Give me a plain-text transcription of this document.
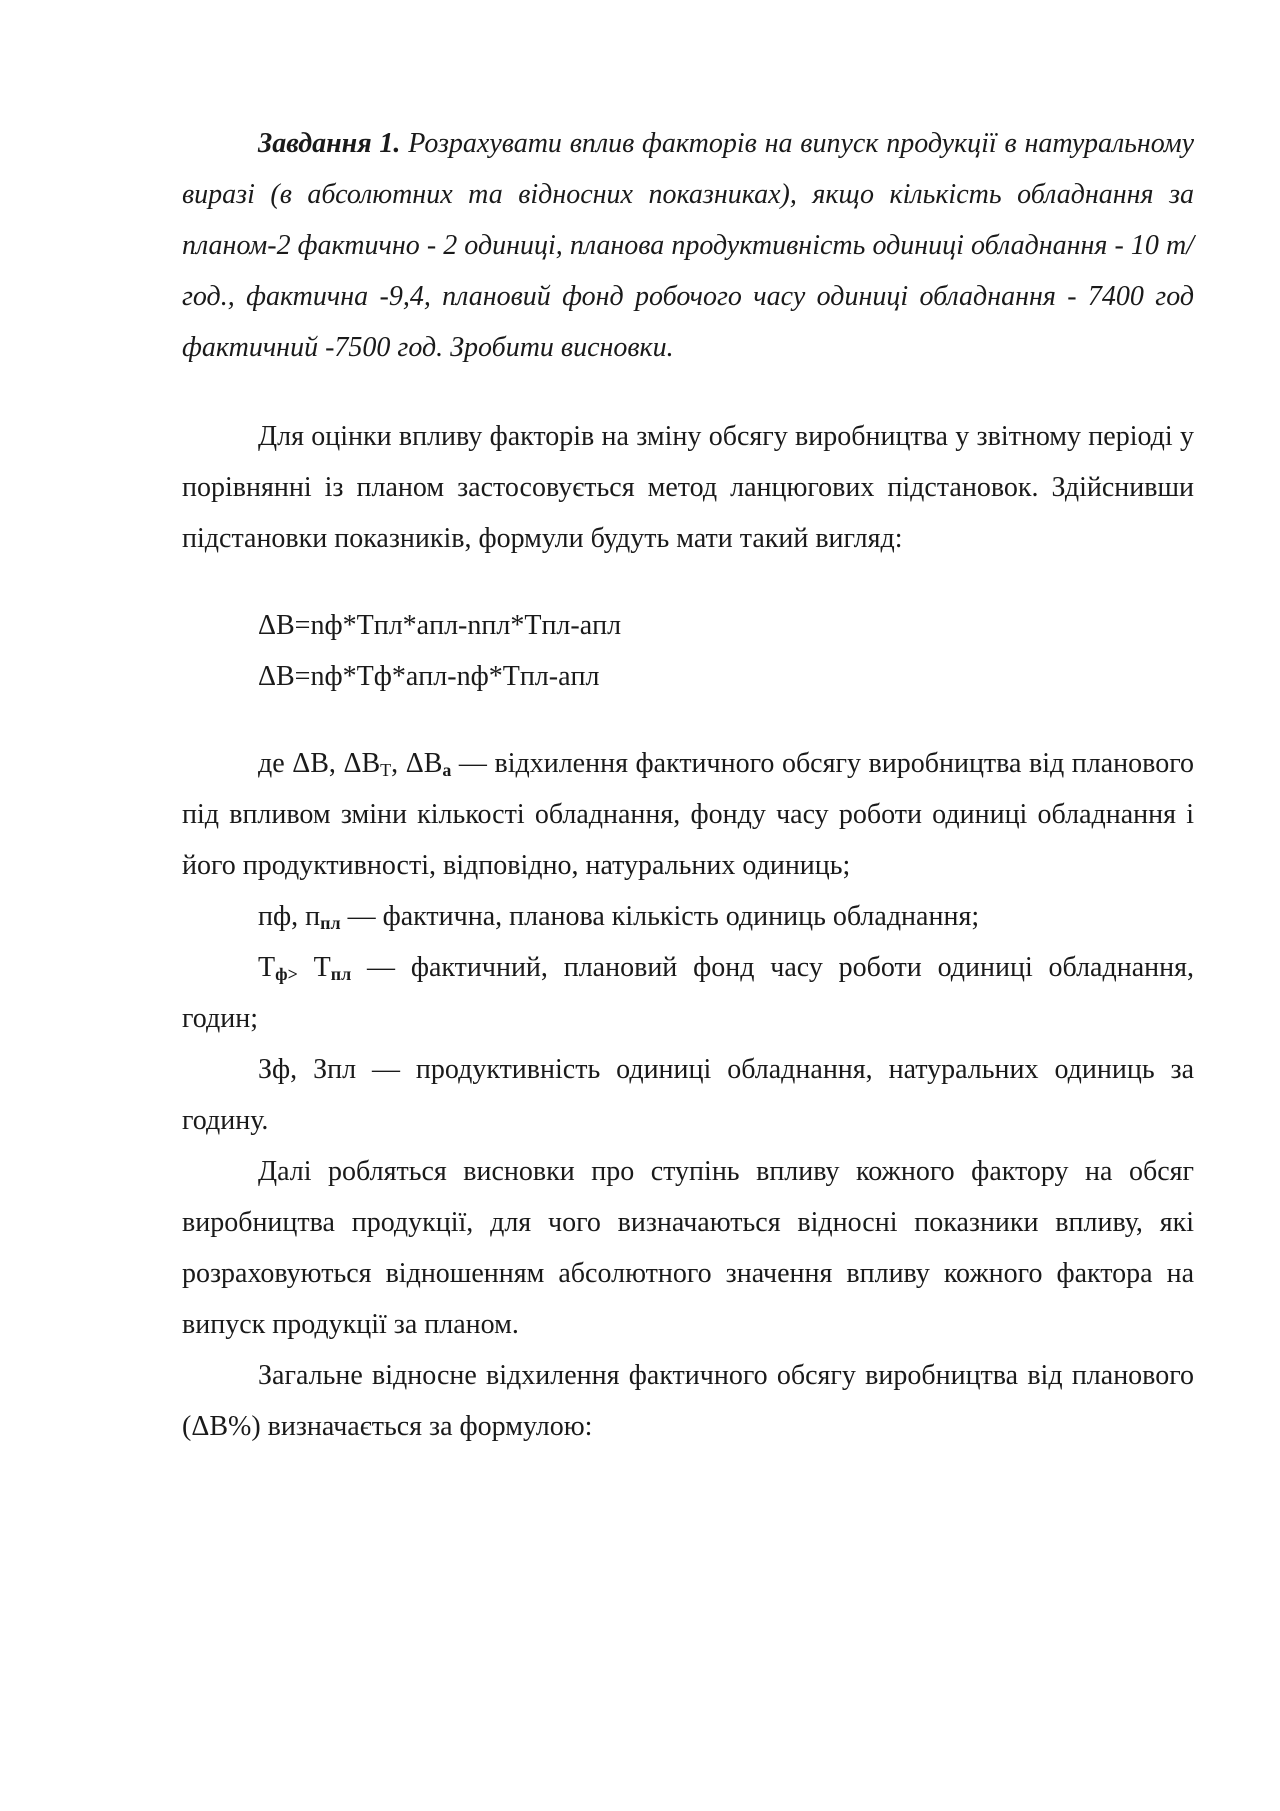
Завдання 1. Розрахувати вплив факторів на випуск продукції в натуральному виразі (в абсолютних та відносних показниках), якщо кількість обладнання за планом-2 фактично - 2 одиниці, планова продуктивність одиниці обладнання - 10 т/год., фактична -9,4, плановий фонд робочого часу одиниці обладнання - 7400 год фактичний -7500 год. Зробити висновки.

Для оцінки впливу факторів на зміну обсягу виробництва у звітному періоді у порівнянні із планом застосовується метод ланцюгових підстановок. Здійснивши підстановки показників, формули будуть мати такий вигляд:

ΔВ=nф*Tпл*aпл-nпл*Tпл-aпл

ΔВ=nф*Tф*aпл-nф*Tпл-aпл

де ΔВ, $\Delta В_T$, $\Delta В_a$ — відхилення фактичного обсягу виробництва від планового під впливом зміни кількості обладнання, фонду часу роботи одиниці обладнання і його продуктивності, відповідно, натуральних одиниць;

пф, $п_{пл}$ — фактична, планова кількість одиниць обладнання;

$Т_{ф>}$ $Т_{пл}$ — фактичний, плановий фонд часу роботи одиниці обладнання, годин;

Зф, Зпл — продуктивність одиниці обладнання, натуральних одиниць за годину.

Далі робляться висновки про ступінь впливу кожного фактору на обсяг виробництва продукції, для чого визначаються відносні показники впливу, які розраховуються відношенням абсолютного значення впливу кожного фактора на випуск продукції за планом.

Загальне відносне відхилення фактичного обсягу виробництва від планового (ΔВ%) визначається за формулою:
